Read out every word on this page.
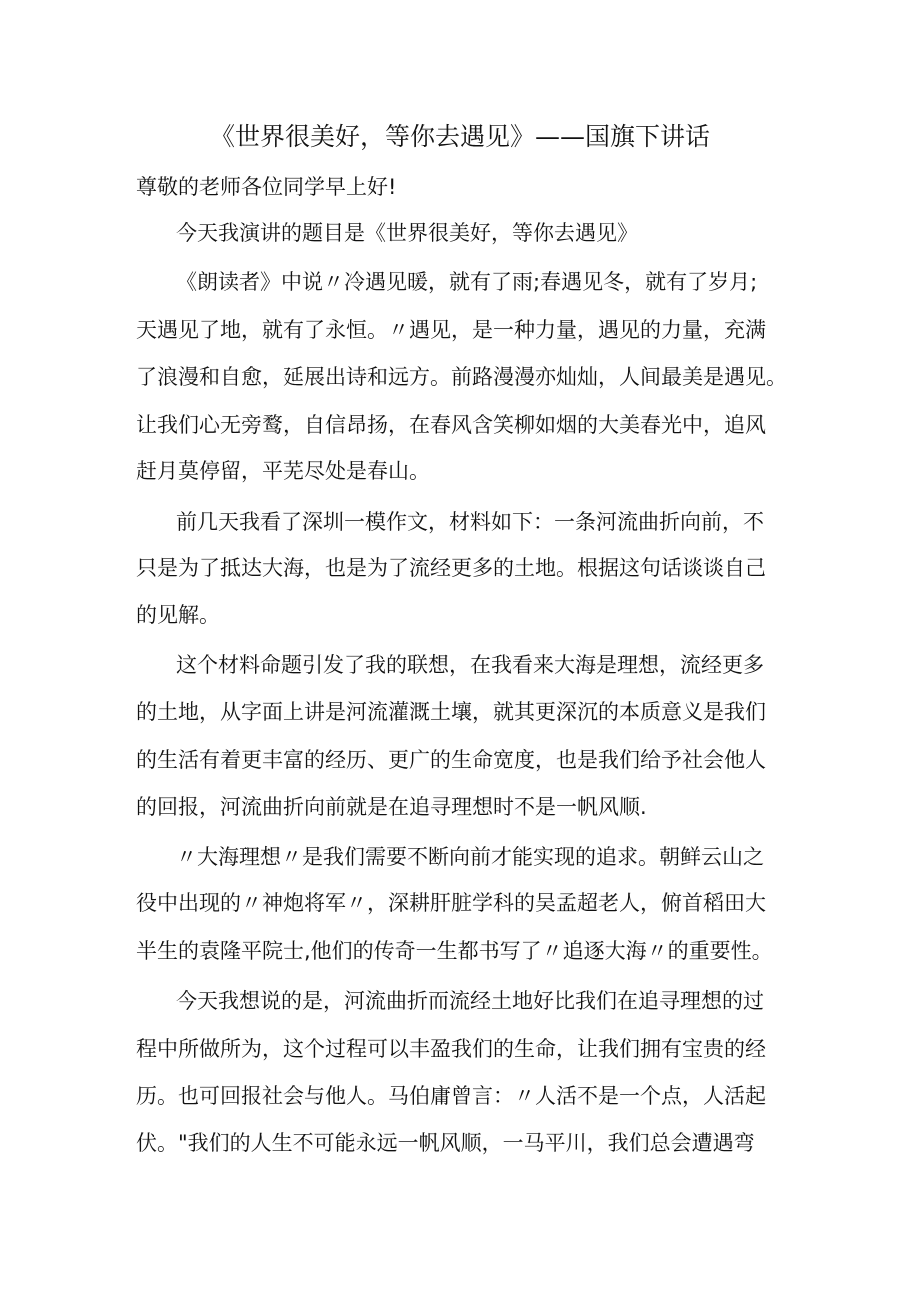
《世界很美好，等你去遇见》——国旗下讲话
尊敬的老师各位同学早上好!
今天我演讲的题目是《世界很美好，等你去遇见》
《朗读者》中说〃冷遇见暖，就有了雨;春遇见冬，就有了岁月;
天遇见了地，就有了永恒。〃遇见，是一种力量，遇见的力量，充满
了浪漫和自愈，延展出诗和远方。前路漫漫亦灿灿，人间最美是遇见。
让我们心无旁鹜，自信昂扬，在春风含笑柳如烟的大美春光中，追风
赶月莫停留，平芜尽处是春山。
前几天我看了深圳一模作文，材料如下：一条河流曲折向前，不
只是为了抵达大海，也是为了流经更多的土地。根据这句话谈谈自己
的见解。
这个材料命题引发了我的联想，在我看来大海是理想，流经更多
的土地，从字面上讲是河流灌溉土壤，就其更深沉的本质意义是我们
的生活有着更丰富的经历、更广的生命宽度，也是我们给予社会他人
的回报，河流曲折向前就是在追寻理想时不是一帆风顺.
〃大海理想〃是我们需要不断向前才能实现的追求。朝鲜云山之
役中出现的〃神炮将军〃，深耕肝脏学科的吴孟超老人，俯首稻田大
半生的袁隆平院士,他们的传奇一生都书写了〃追逐大海〃的重要性。
今天我想说的是，河流曲折而流经土地好比我们在追寻理想的过
程中所做所为，这个过程可以丰盈我们的生命，让我们拥有宝贵的经
历。也可回报社会与他人。马伯庸曾言：〃人活不是一个点，人活起
伏。"我们的人生不可能永远一帆风顺，一马平川，我们总会遭遇弯
